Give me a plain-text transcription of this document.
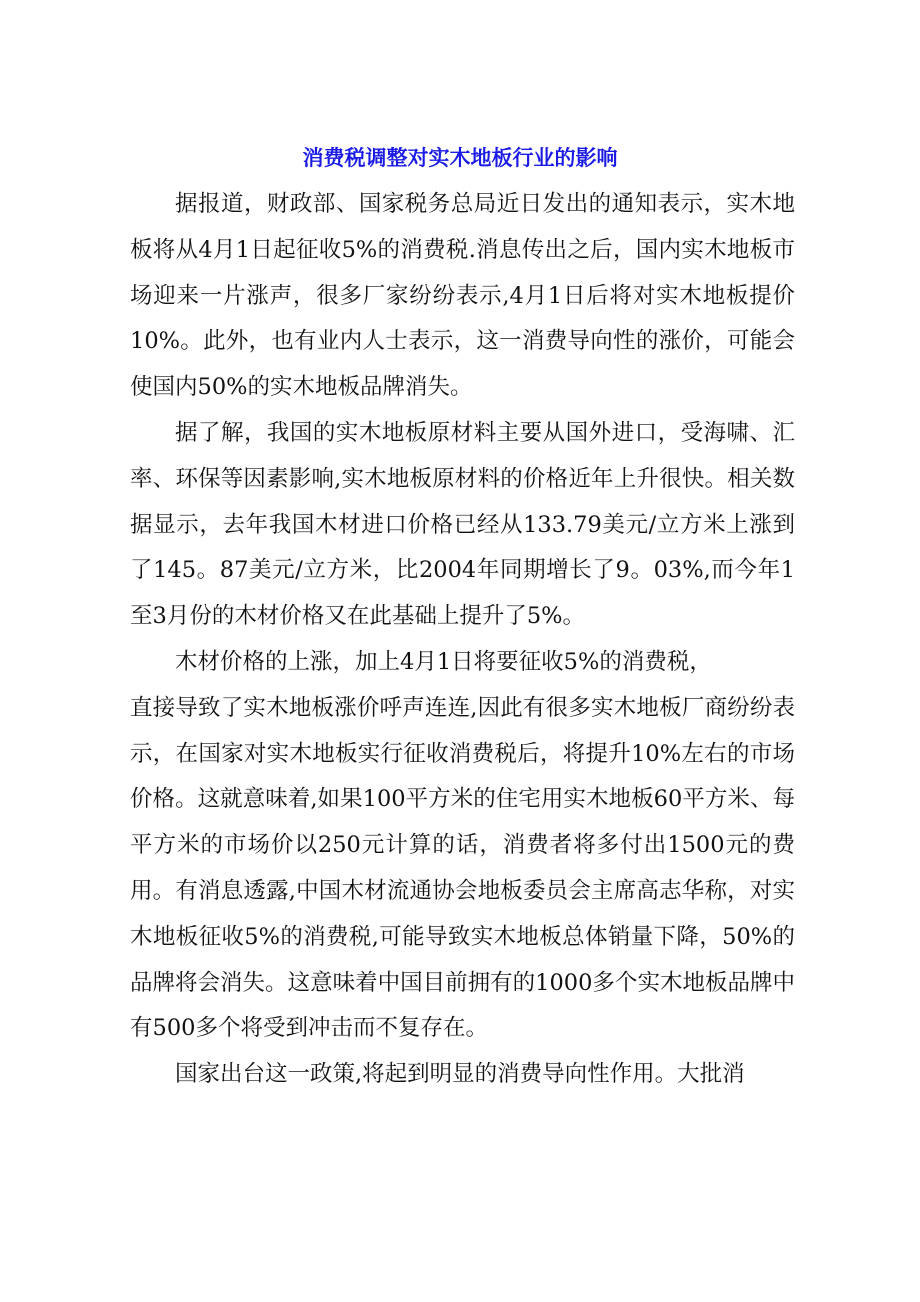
消费税调整对实木地板行业的影响

据报道，财政部、国家税务总局近日发出的通知表示，实木地板将从4月1日起征收5%的消费税.消息传出之后，国内实木地板市场迎来一片涨声，很多厂家纷纷表示,4月1日后将对实木地板提价10%。此外，也有业内人士表示，这一消费导向性的涨价，可能会使国内50%的实木地板品牌消失。

据了解，我国的实木地板原材料主要从国外进口，受海啸、汇率、环保等因素影响,实木地板原材料的价格近年上升很快。相关数据显示，去年我国木材进口价格已经从133.79美元/立方米上涨到了145。87美元/立方米，比2004年同期增长了9。03%,而今年1至3月份的木材价格又在此基础上提升了5%。

木材价格的上涨，加上4月1日将要征收5%的消费税，

直接导致了实木地板涨价呼声连连,因此有很多实木地板厂商纷纷表示，在国家对实木地板实行征收消费税后，将提升10%左右的市场价格。这就意味着,如果100平方米的住宅用实木地板60平方米、每平方米的市场价以250元计算的话，消费者将多付出1500元的费用。有消息透露,中国木材流通协会地板委员会主席高志华称，对实木地板征收5%的消费税,可能导致实木地板总体销量下降，50%的品牌将会消失。这意味着中国目前拥有的1000多个实木地板品牌中有500多个将受到冲击而不复存在。

国家出台这一政策,将起到明显的消费导向性作用。大批消
